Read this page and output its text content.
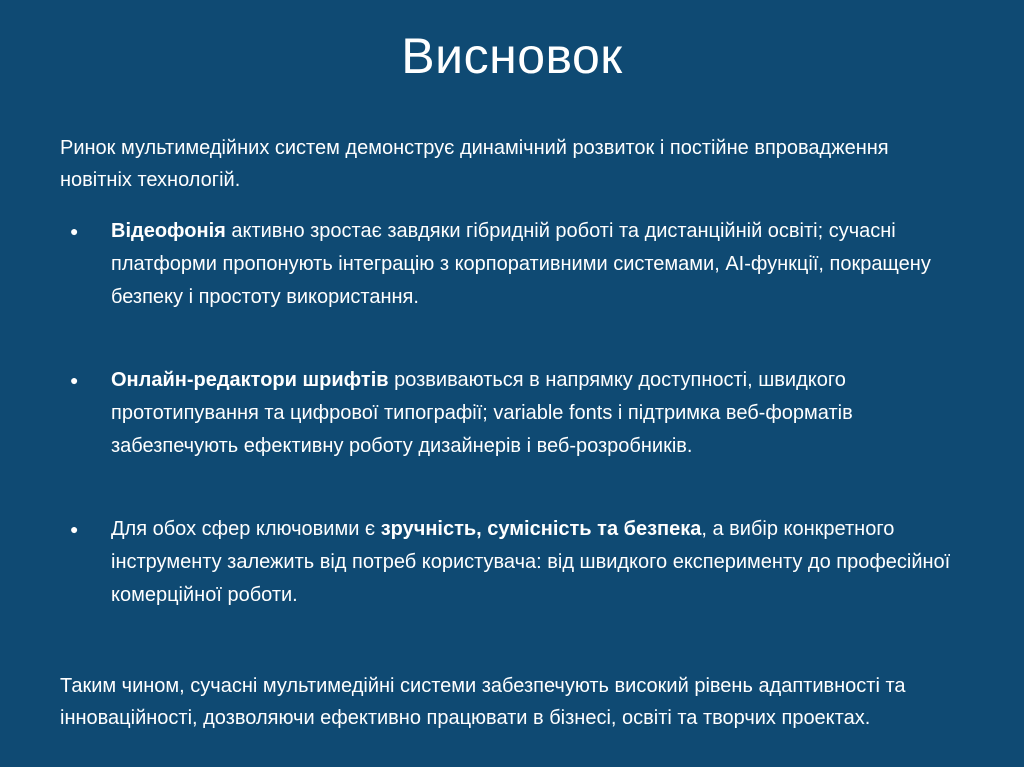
Висновок

Ринок мультимедійних систем демонструє динамічний розвиток і постійне впровадження новітніх технологій.

● Відеофонія активно зростає завдяки гібридній роботі та дистанційній освіті; сучасні платформи пропонують інтеграцію з корпоративними системами, AI-функції, покращену безпеку і простоту використання.
● Онлайн-редактори шрифтів розвиваються в напрямку доступності, швидкого прототипування та цифрової типографії; variable fonts і підтримка веб-форматів забезпечують ефективну роботу дизайнерів і веб-розробників.
● Для обох сфер ключовими є зручність, сумісність та безпека, а вибір конкретного інструменту залежить від потреб користувача: від швидкого експерименту до професійної комерційної роботи.

Таким чином, сучасні мультимедійні системи забезпечують високий рівень адаптивності та інноваційності, дозволяючи ефективно працювати в бізнесі, освіті та творчих проектах.
